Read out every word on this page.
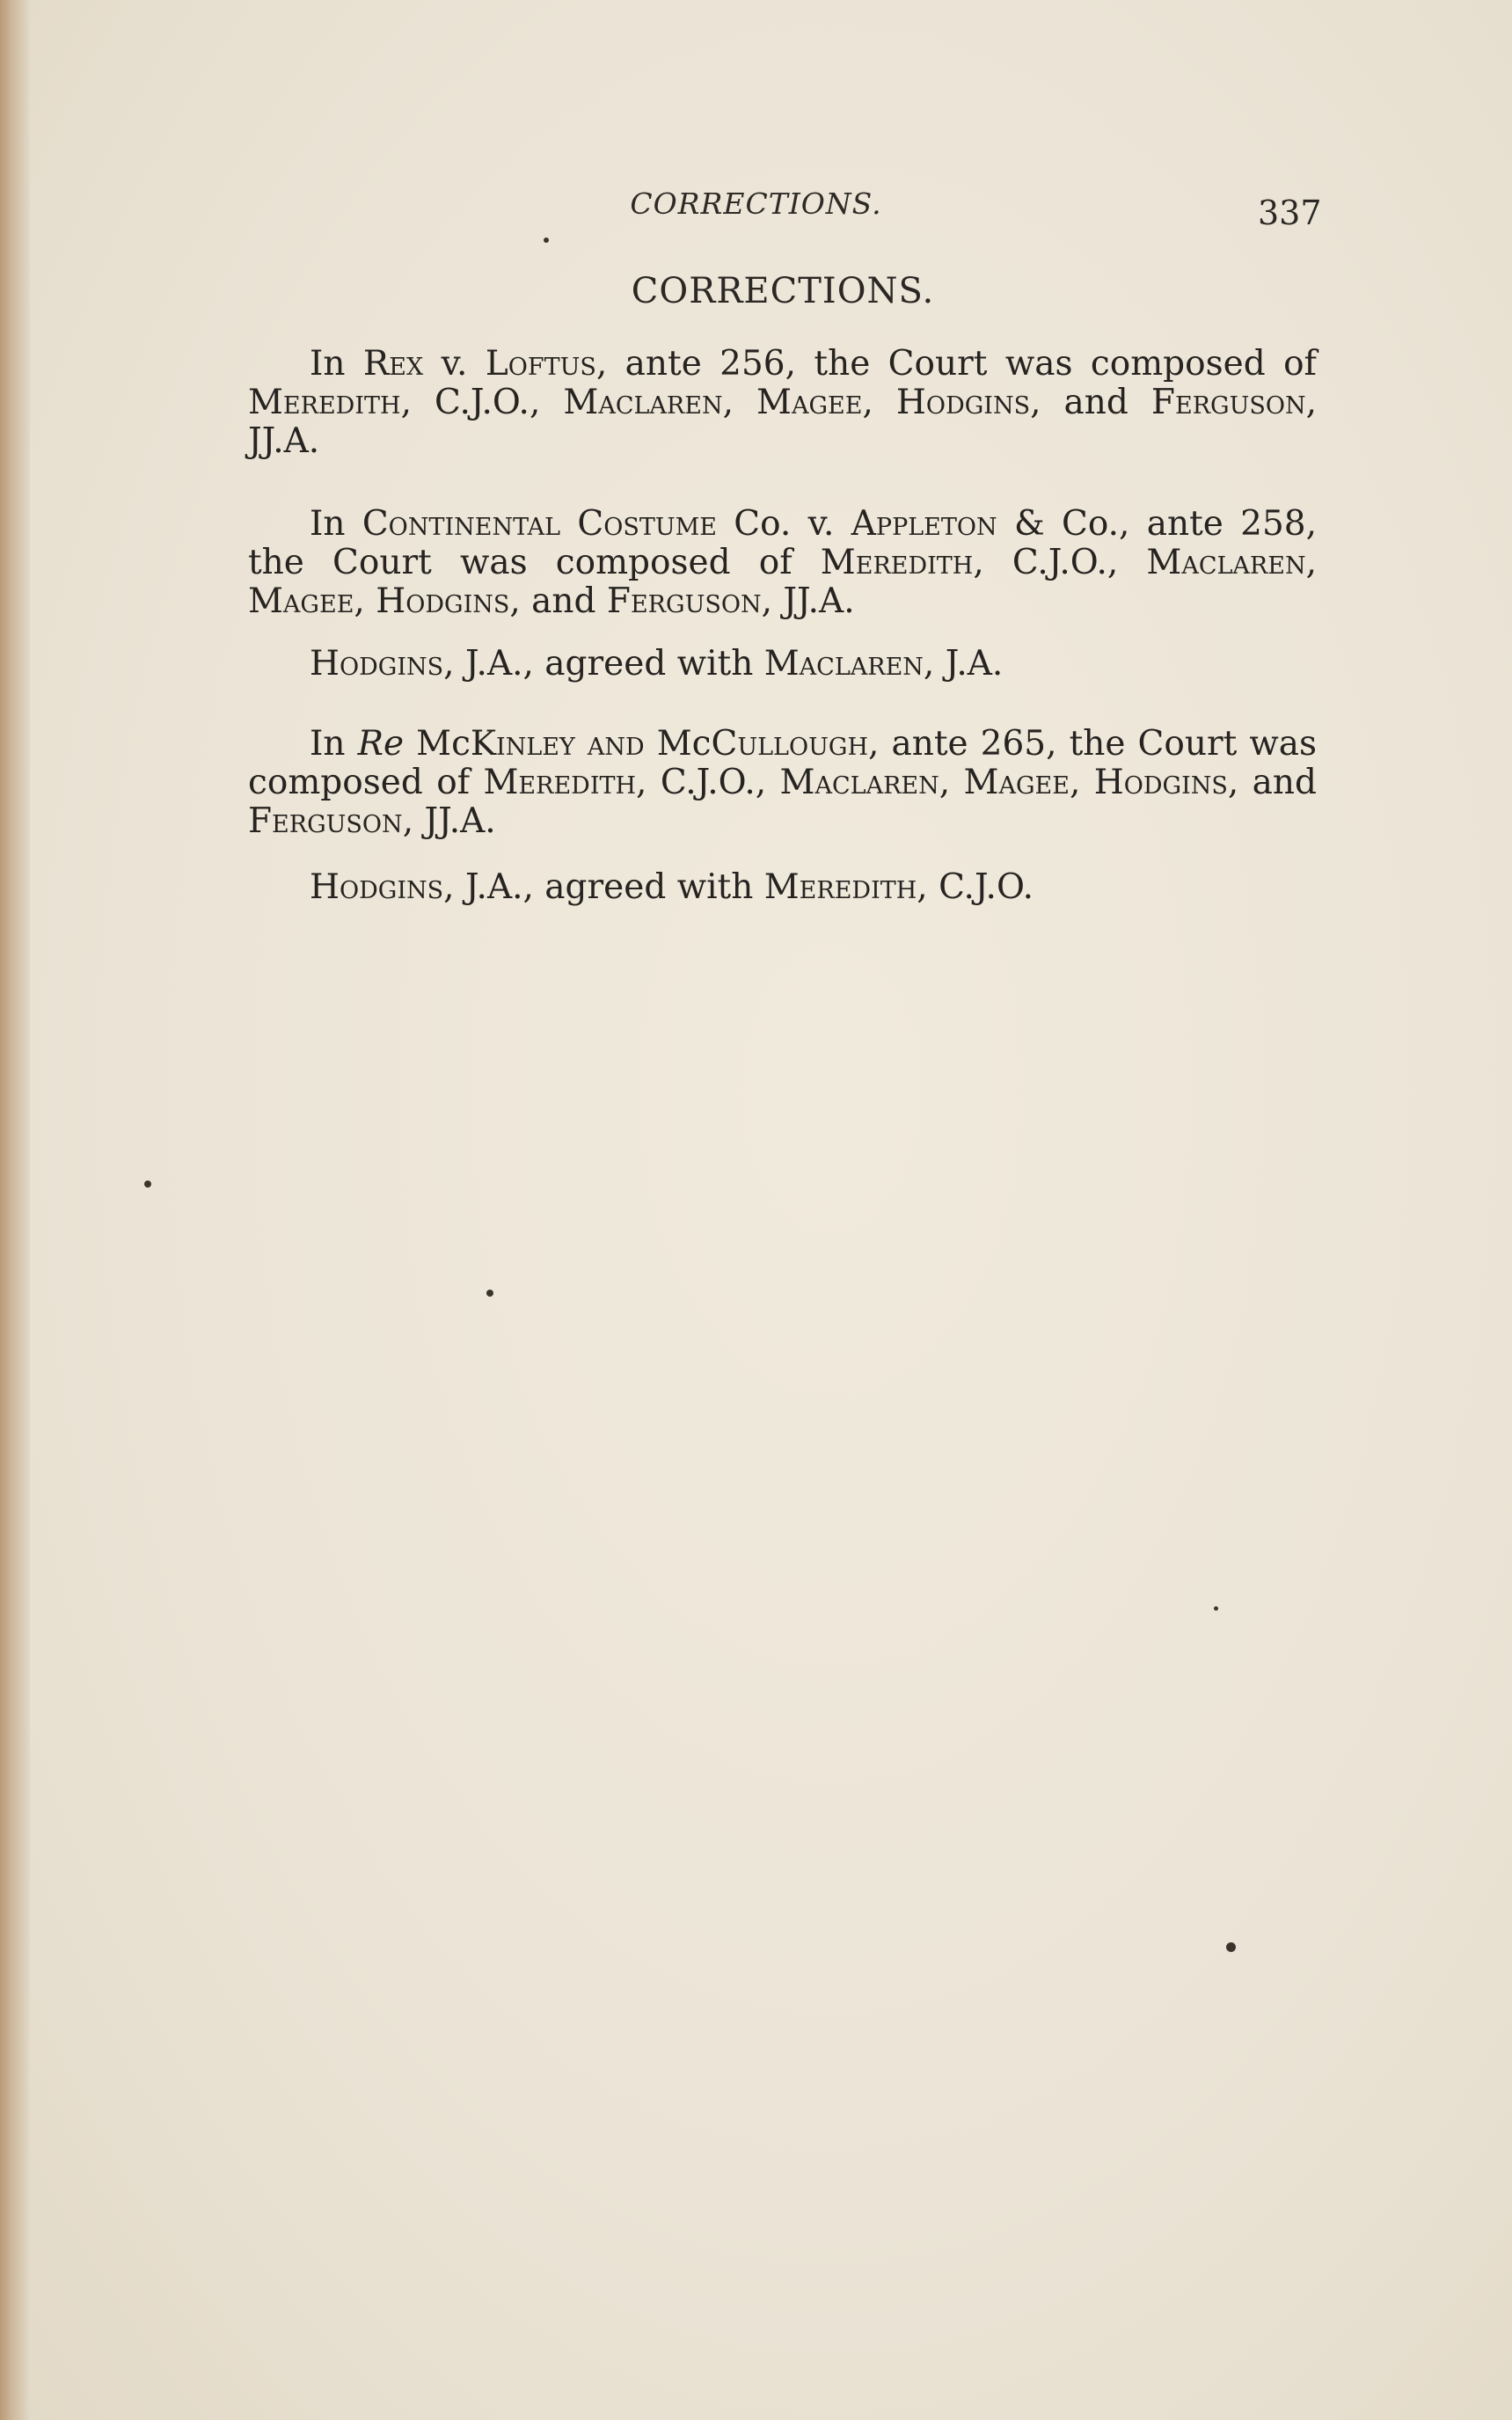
CORRECTIONS.	337
CORRECTIONS.

In Rex v. Loftus, ante 256, the Court was composed of Meredith, C.J.O., Maclaren, Magee, Hodgins, and Ferguson, JJ.A.

In Continental Costume Co. v. Appleton & Co., ante 258, the Court was composed of Meredith, C.J.O., Maclaren, Magee, Hodgins, and Ferguson, JJ.A.

Hodgins, J.A., agreed with Maclaren, J.A.

In Re McKinley and McCullough, ante 265, the Court was composed of Meredith, C.J.O., Maclaren, Magee, Hodgins, and Ferguson, JJ.A.

Hodgins, J.A., agreed with Meredith, C.J.O.
